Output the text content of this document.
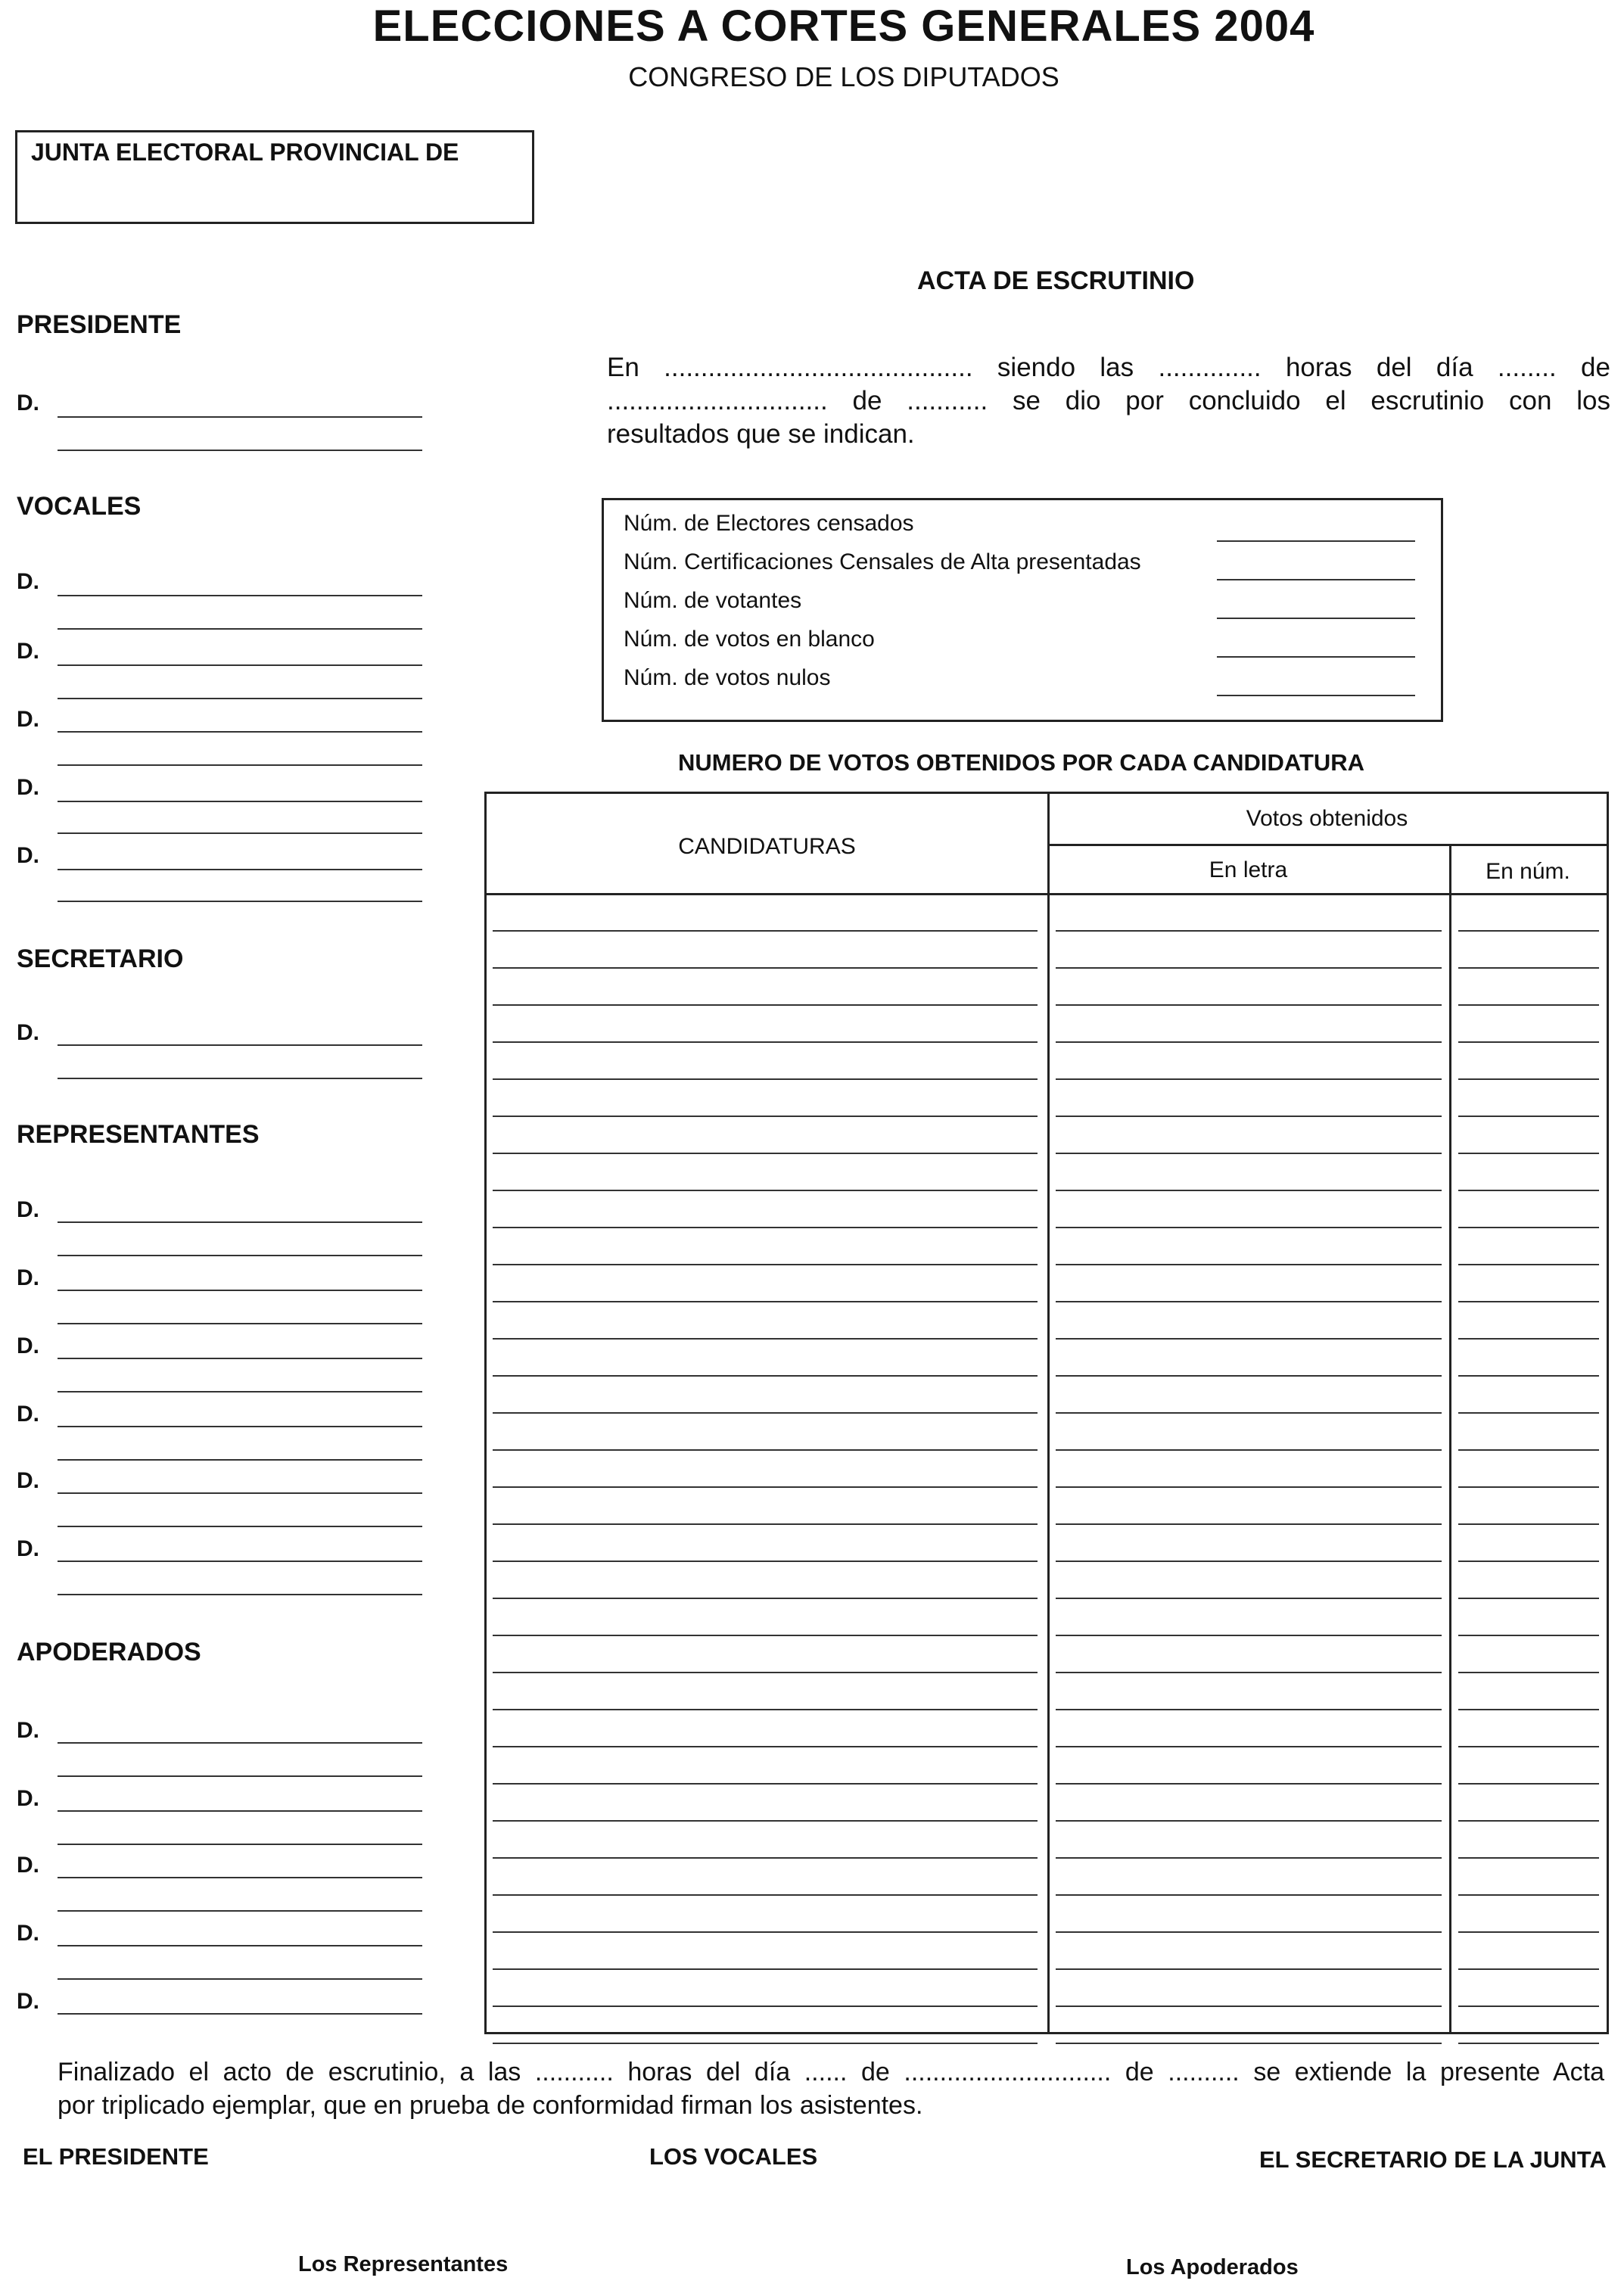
ELECCIONES A CORTES GENERALES 2004
CONGRESO DE LOS DIPUTADOS
JUNTA ELECTORAL PROVINCIAL DE
ACTA DE ESCRUTINIO
En .......................................... siendo las .............. horas del día ........ de
.............................. de ........... se dio por concluido el escrutinio con los
resultados que se indican.
Núm. de Electores censados
Núm. Certificaciones Censales de Alta presentadas
Núm. de votantes
Núm. de votos en blanco
Núm. de votos nulos
PRESIDENTE
D.
VOCALES
D.
D.
D.
D.
D.
SECRETARIO
D.
REPRESENTANTES
D.
D.
D.
D.
D.
D.
APODERADOS
D.
D.
D.
D.
D.
NUMERO DE VOTOS OBTENIDOS POR CADA CANDIDATURA
CANDIDATURAS
Votos obtenidos
En letra	En núm.
Finalizado el acto de escrutinio, a las ........... horas del día ...... de ............................. de .......... se extiende la presente Acta
por triplicado ejemplar, que en prueba de conformidad firman los asistentes.
EL PRESIDENTE	LOS VOCALES	EL SECRETARIO DE LA JUNTA
Los Representantes	Los Apoderados
